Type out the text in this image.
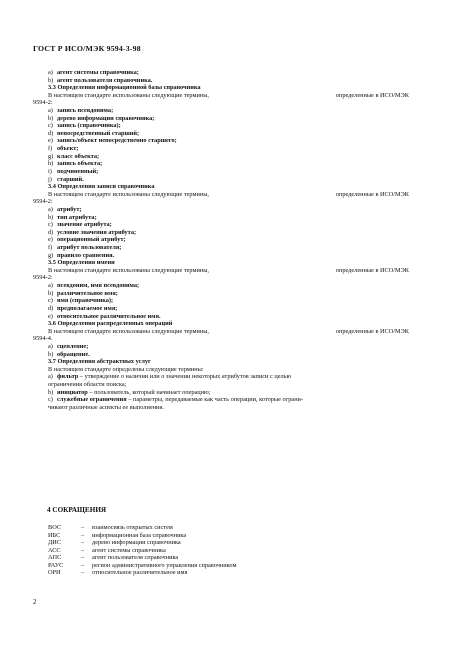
ГОСТ Р ИСО/МЭК 9594-3-98
а) агент системы справочника;
b) агент пользователя справочника.
3.3 Определения информационной базы справочника
В настоящем стандарте использованы следующие термины,	определенные в ИСО/МЭК
9594-2:
а) запись псевдонима;
b) дерево информации справочника;
с) запись (справочника);
d) непосредственный старший;
е) запись/объект непосредственно старшего;
f) объект;
g) класс объекта;
h) запись объекта;
i) подчиненный;
j) старший.
3.4 Определения записи справочника
В настоящем стандарте использованы следующие термины,	определенные в ИСО/МЭК
9594-2:
а) атрибут;
b) тип атрибута;
с) значение атрибута;
d) условие значения атрибута;
е) операционный атрибут;
f) атрибут пользователя;
g) правило сравнения.
3.5 Определения имени
В настоящем стандарте использованы следующие термины,	определенные в ИСО/МЭК
9594-2:
а) псевдоним, имя псевдонима;
b) различительное имя;
с) имя (справочника);
d) предполагаемое имя;
е) относительное различительное имя.
3.6 Определения распределенных операций
В настоящем стандарте использованы следующие термины,	определенные в ИСО/МЭК
9594-4.
а) сцепление;
b) обращение.
3.7 Определения абстрактных услуг
В настоящем стандарте определены следующие термины:
а) фильтр – утверждение о наличии или о значении некоторых атрибутов записи с целью
ограничения области поиска;
b) инициатор – пользователь, который начинает операцию;
с) служебные ограничения – параметры, передаваемые как часть операции, которые ограни-
чивают различные аспекты ее выполнения.
4 СОКРАЩЕНИЯ
ВОС	– взаимосвязь открытых систем
ИБС	– информационная база справочника
ДИС	– дерево информации справочника
АСС	– агент системы справочника
АПС	– агент пользователя справочника
РАУС	– регион административного управления справочником
ОРИ	– относительное различительное имя
2
